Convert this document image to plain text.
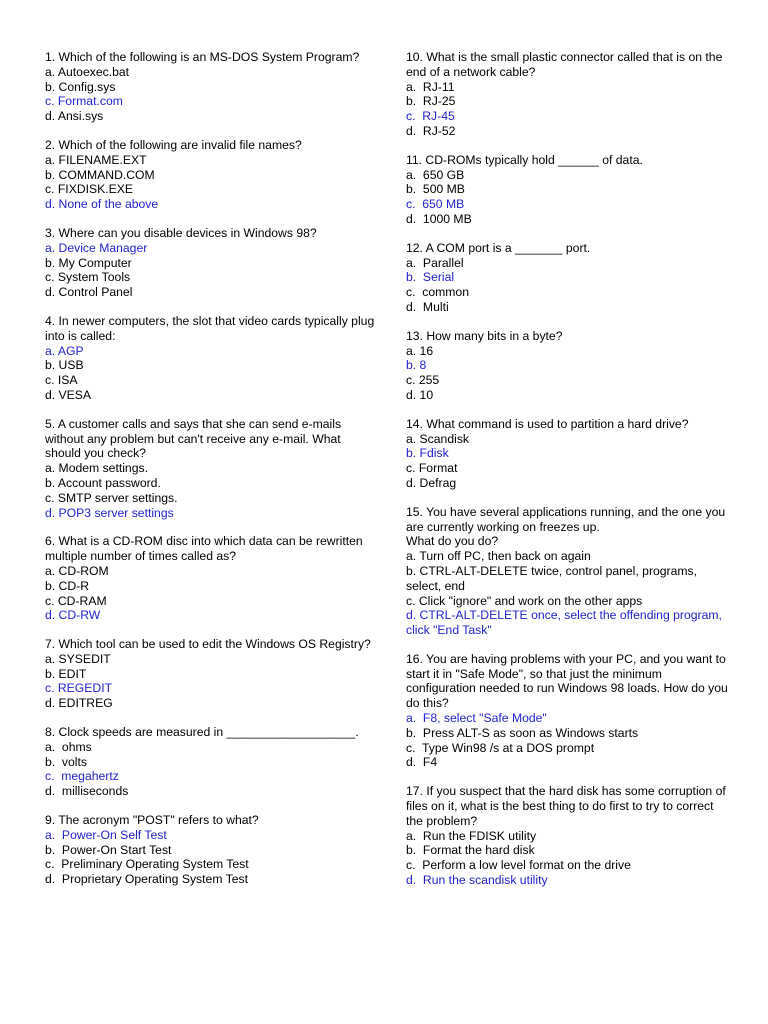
1. Which of the following is an MS-DOS System Program?
a. Autoexec.bat
b. Config.sys
c. Format.com
d. Ansi.sys
2. Which of the following are invalid file names?
a. FILENAME.EXT
b. COMMAND.COM
c. FIXDISK.EXE
d. None of the above
3. Where can you disable devices in Windows 98?
a. Device Manager
b. My Computer
c. System Tools
d. Control Panel
4. In newer computers, the slot that video cards typically plug into is called:
a. AGP
b. USB
c. ISA
d. VESA
5. A customer calls and says that she can send e-mails without any problem but can't receive any e-mail. What should you check?
a. Modem settings.
b. Account password.
c. SMTP server settings.
d. POP3 server settings
6. What is a CD-ROM disc into which data can be rewritten multiple number of times called as?
a. CD-ROM
b. CD-R
c. CD-RAM
d. CD-RW
7. Which tool can be used to edit the Windows OS Registry?
a. SYSEDIT
b. EDIT
c. REGEDIT
d. EDITREG
8. Clock speeds are measured in ___________________.
a.  ohms
b.  volts
c.  megahertz
d.  milliseconds
9. The acronym "POST" refers to what?
a.  Power-On Self Test
b.  Power-On Start Test
c.  Preliminary Operating System Test
d.  Proprietary Operating System Test
10. What is the small plastic connector called that is on the end of a network cable?
a.  RJ-11
b.  RJ-25
c.  RJ-45
d.  RJ-52
11. CD-ROMs typically hold ______ of data.
a.  650 GB
b.  500 MB
c.  650 MB
d.  1000 MB
12. A COM port is a _______ port.
a.  Parallel
b.  Serial
c.  common
d.  Multi
13. How many bits in a byte?
a. 16
b. 8
c. 255
d. 10
14. What command is used to partition a hard drive?
a. Scandisk
b. Fdisk
c. Format
d. Defrag
15. You have several applications running, and the one you are currently working on freezes up.
What do you do?
a. Turn off PC, then back on again
b. CTRL-ALT-DELETE twice, control panel, programs, select, end
c. Click "ignore" and work on the other apps
d. CTRL-ALT-DELETE once, select the offending program, click "End Task"
16. You are having problems with your PC, and you want to start it in "Safe Mode", so that just the minimum configuration needed to run Windows 98 loads. How do you do this?
a.  F8, select "Safe Mode"
b.  Press ALT-S as soon as Windows starts
c.  Type Win98 /s at a DOS prompt
d.  F4
17. If you suspect that the hard disk has some corruption of files on it, what is the best thing to do first to try to correct the problem?
a.  Run the FDISK utility
b.  Format the hard disk
c.  Perform a low level format on the drive
d.  Run the scandisk utility
